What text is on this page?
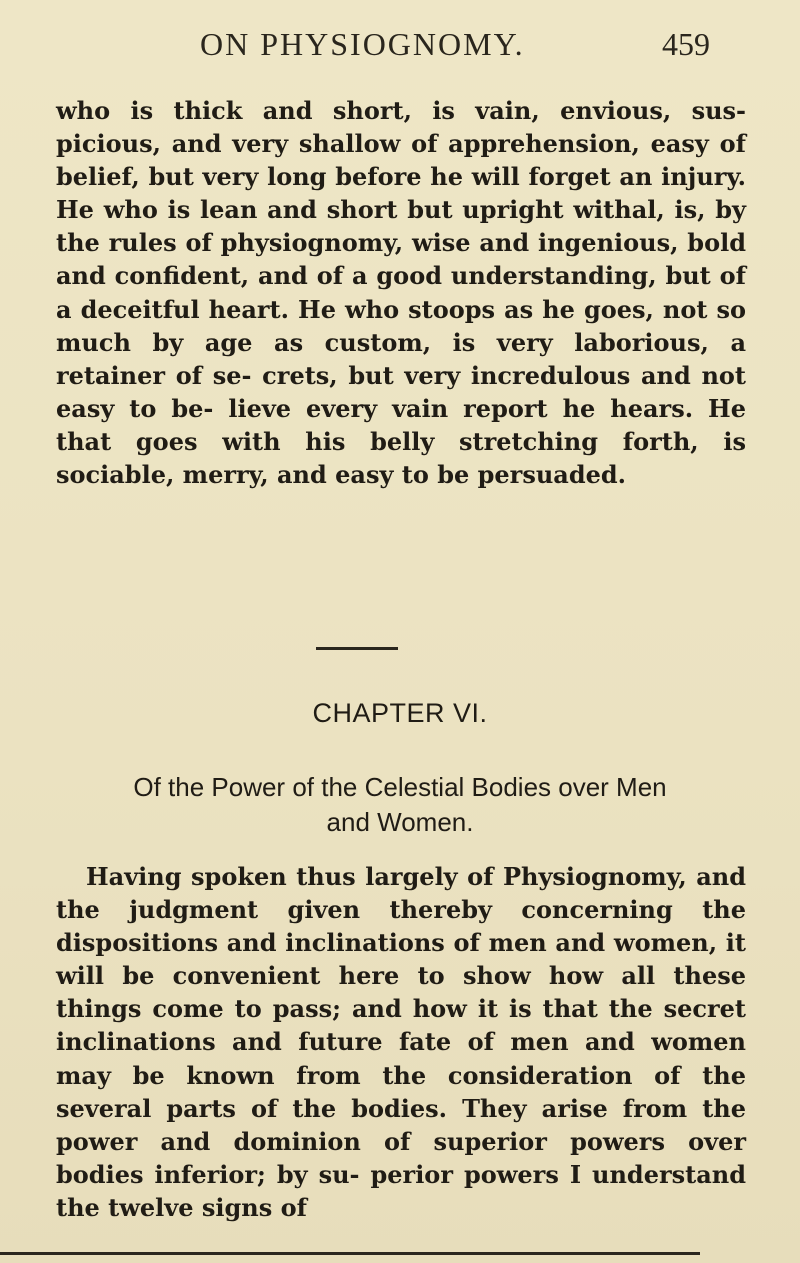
ON PHYSIOGNOMY.	459

who is thick and short, is vain, envious, sus- picious, and very shallow of apprehension, easy of belief, but very long before he will forget an injury. He who is lean and short but upright withal, is, by the rules of physiognomy, wise and ingenious, bold and confident, and of a good understanding, but of a deceitful heart. He who stoops as he goes, not so much by age as custom, is very laborious, a retainer of se- crets, but very incredulous and not easy to be- lieve every vain report he hears. He that goes with his belly stretching forth, is sociable, merry, and easy to be persuaded.

CHAPTER VI.
Of the Power of the Celestial Bodies over Men
and Women.

Having spoken thus largely of Physiognomy, and the judgment given thereby concerning the dispositions and inclinations of men and women, it will be convenient here to show how all these things come to pass; and how it is that the secret inclinations and future fate of men and women may be known from the consideration of the several parts of the bodies. They arise from the power and dominion of superior powers over bodies inferior; by su- perior powers I understand the twelve signs of
